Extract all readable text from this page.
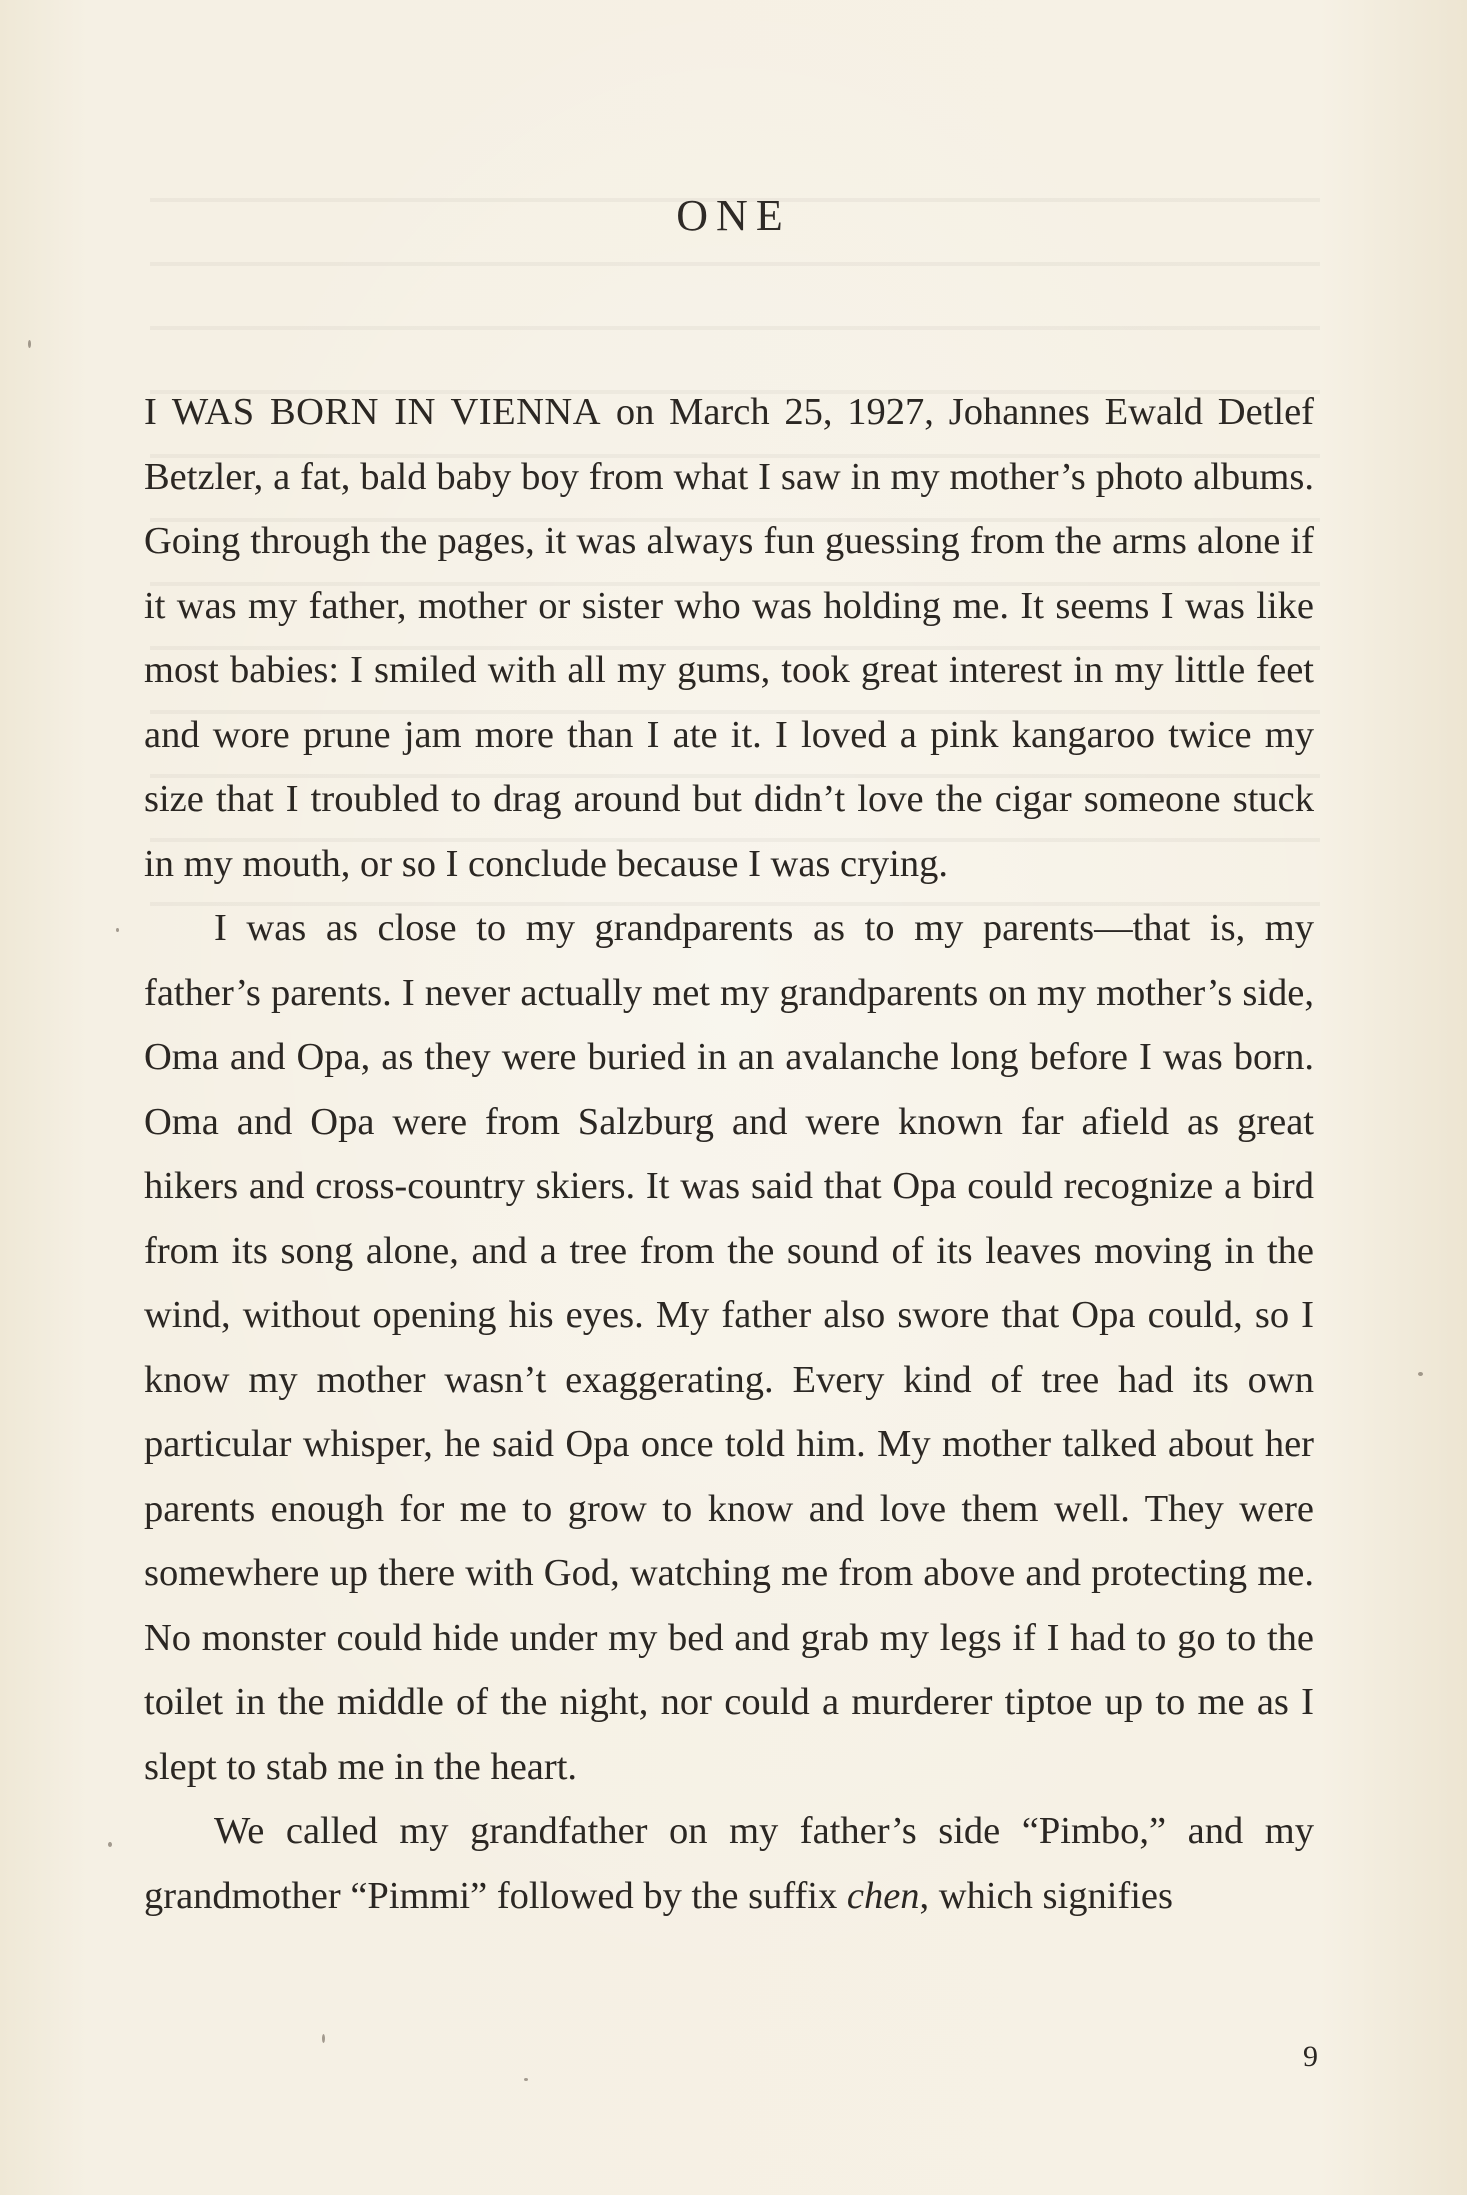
ONE

I WAS BORN IN VIENNA on March 25, 1927, Johannes Ewald Detlef Betzler, a fat, bald baby boy from what I saw in my mother’s photo albums. Going through the pages, it was always fun guessing from the arms alone if it was my father, mother or sister who was holding me. It seems I was like most babies: I smiled with all my gums, took great interest in my little feet and wore prune jam more than I ate it. I loved a pink kangaroo twice my size that I troubled to drag around but didn’t love the cigar someone stuck in my mouth, or so I conclude because I was crying.

I was as close to my grandparents as to my parents—that is, my father’s parents. I never actually met my grandparents on my mother’s side, Oma and Opa, as they were buried in an avalanche long before I was born. Oma and Opa were from Salzburg and were known far afield as great hikers and cross-country skiers. It was said that Opa could recognize a bird from its song alone, and a tree from the sound of its leaves moving in the wind, without opening his eyes. My father also swore that Opa could, so I know my mother wasn’t exaggerating. Every kind of tree had its own particular whisper, he said Opa once told him. My mother talked about her parents enough for me to grow to know and love them well. They were somewhere up there with God, watching me from above and protecting me. No monster could hide under my bed and grab my legs if I had to go to the toilet in the middle of the night, nor could a murderer tiptoe up to me as I slept to stab me in the heart.

We called my grandfather on my father’s side “Pimbo,” and my grandmother “Pimmi” followed by the suffix chen, which signifies

9
